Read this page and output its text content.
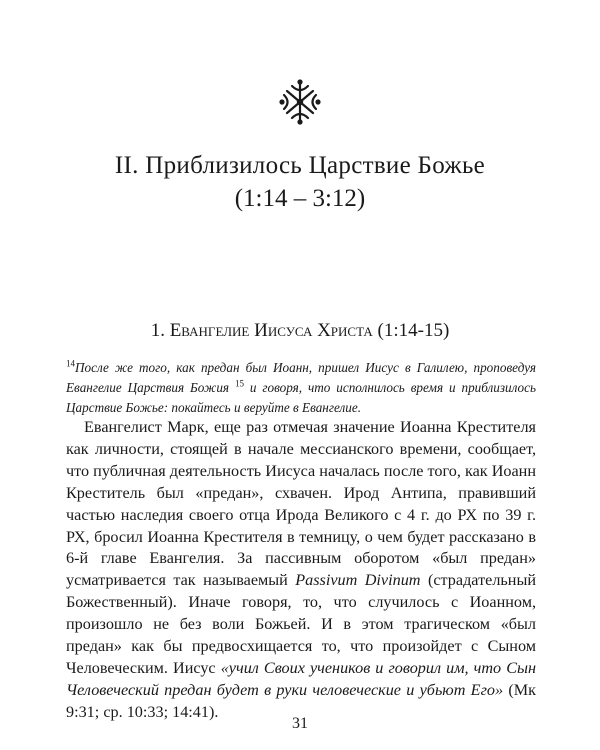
II. Приблизилось Царствие Божье
(1:14 – 3:12)
1. Евангелие Иисуса Христа (1:14-15)
$^{14}$После же того, как предан был Иоанн, пришел Иисус в Галилею, проповедуя Евангелие Царствия Божия $^{15}$ и говоря, что исполнилось время и приблизилось Царствие Божье: покайтесь и веруйте в Евангелие.

Евангелист Марк, еще раз отмечая значение Иоанна Крестителя как личности, стоящей в начале мессианского времени, сообщает, что публичная деятельность Иисуса началась после того, как Иоанн Креститель был «предан», схвачен. Ирод Антипа, правивший частью наследия своего отца Ирода Великого с 4 г. до РХ по 39 г. РХ, бросил Иоанна Крестителя в темницу, о чем будет рассказано в 6-й главе Евангелия. За пассивным оборотом «был предан» усматривается так называемый Passivum Divinum (страдательный Божественный). Иначе говоря, то, что случилось с Иоанном, произошло не без воли Божьей. И в этом трагическом «был предан» как бы предвосхищается то, что произойдет с Сыном Человеческим. Иисус «учил Своих учеников и говорил им, что Сын Человеческий предан будет в руки человеческие и убьют Его» (Мк 9:31; ср. 10:33; 14:41).

31
